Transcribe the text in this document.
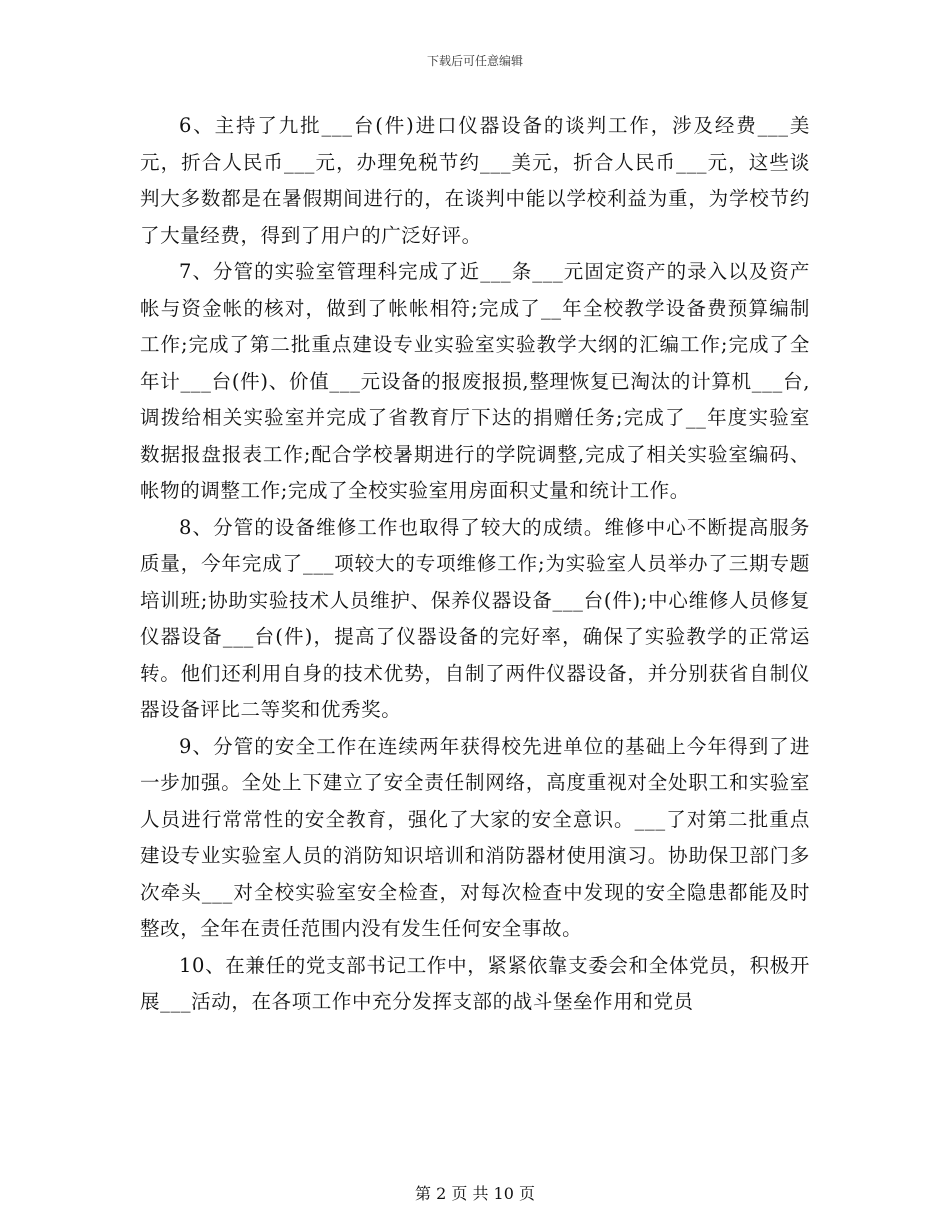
下载后可任意编辑

6、主持了九批___台(件)进口仪器设备的谈判工作，涉及经费___美元，折合人民币___元，办理免税节约___美元，折合人民币___元，这些谈判大多数都是在暑假期间进行的，在谈判中能以学校利益为重，为学校节约了大量经费，得到了用户的广泛好评。

7、分管的实验室管理科完成了近___条___元固定资产的录入以及资产帐与资金帐的核对，做到了帐帐相符;完成了__年全校教学设备费预算编制工作;完成了第二批重点建设专业实验室实验教学大纲的汇编工作;完成了全年计___台(件)、价值___元设备的报废报损,整理恢复已淘汰的计算机___台,调拨给相关实验室并完成了省教育厅下达的捐赠任务;完成了__年度实验室数据报盘报表工作;配合学校暑期进行的学院调整,完成了相关实验室编码、帐物的调整工作;完成了全校实验室用房面积丈量和统计工作。

8、分管的设备维修工作也取得了较大的成绩。维修中心不断提高服务质量，今年完成了___项较大的专项维修工作;为实验室人员举办了三期专题培训班;协助实验技术人员维护、保养仪器设备___台(件);中心维修人员修复仪器设备___台(件)，提高了仪器设备的完好率，确保了实验教学的正常运转。他们还利用自身的技术优势，自制了两件仪器设备，并分别获省自制仪器设备评比二等奖和优秀奖。

9、分管的安全工作在连续两年获得校先进单位的基础上今年得到了进一步加强。全处上下建立了安全责任制网络，高度重视对全处职工和实验室人员进行常常性的安全教育，强化了大家的安全意识。___了对第二批重点建设专业实验室人员的消防知识培训和消防器材使用演习。协助保卫部门多次牵头___对全校实验室安全检查，对每次检查中发现的安全隐患都能及时整改，全年在责任范围内没有发生任何安全事故。

10、在兼任的党支部书记工作中，紧紧依靠支委会和全体党员，积极开展___活动，在各项工作中充分发挥支部的战斗堡垒作用和党员

第 2 页 共 10 页
